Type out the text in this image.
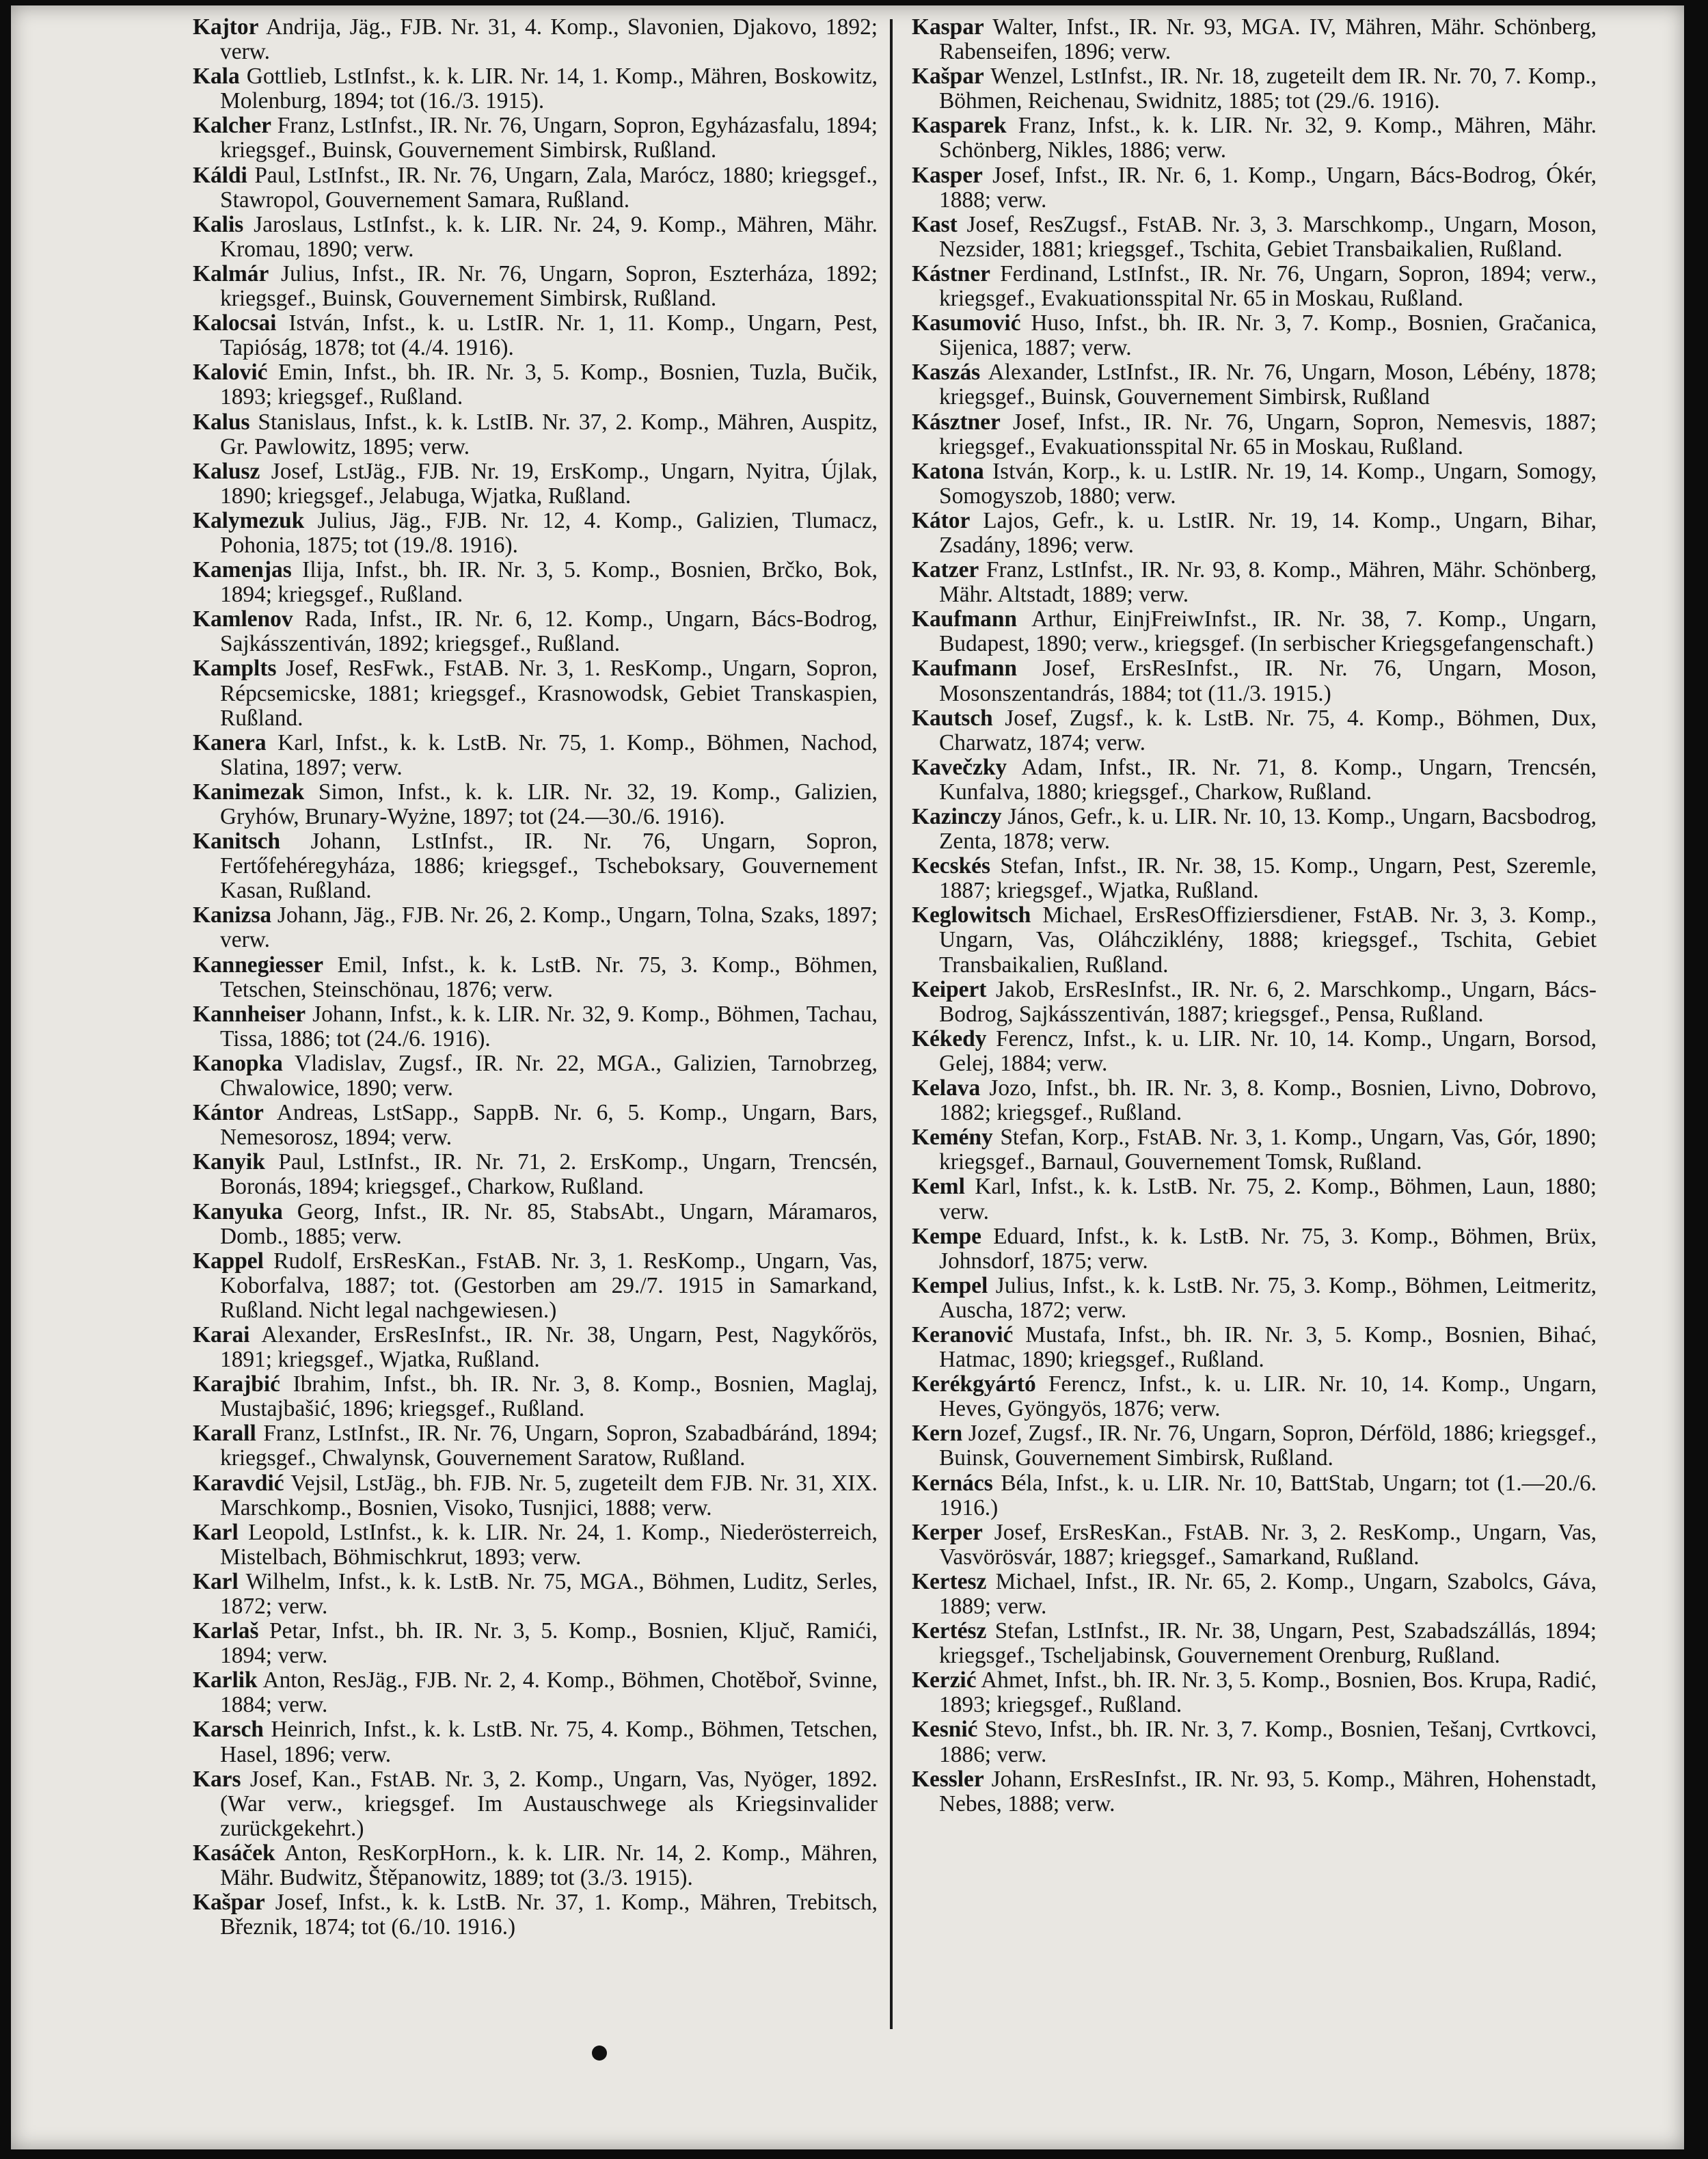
Kajtor Andrija, Jäg., FJB. Nr. 31, 4. Komp., Slavonien, Djakovo, 1892; verw.

Kala Gottlieb, LstInfst., k. k. LIR. Nr. 14, 1. Komp., Mähren, Boskowitz, Molenburg, 1894; tot (16./3. 1915).

Kalcher Franz, LstInfst., IR. Nr. 76, Ungarn, Sopron, Egyházasfalu, 1894; kriegsgef., Buinsk, Gouvernement Simbirsk, Rußland.

Káldi Paul, LstInfst., IR. Nr. 76, Ungarn, Zala, Marócz, 1880; kriegsgef., Stawropol, Gouvernement Samara, Rußland.

Kalis Jaroslaus, LstInfst., k. k. LIR. Nr. 24, 9. Komp., Mähren, Mähr. Kromau, 1890; verw.

Kalmár Julius, Infst., IR. Nr. 76, Ungarn, Sopron, Eszterháza, 1892; kriegsgef., Buinsk, Gouvernement Simbirsk, Rußland.

Kalocsai István, Infst., k. u. LstIR. Nr. 1, 11. Komp., Ungarn, Pest, Tapióság, 1878; tot (4./4. 1916).

Kalović Emin, Infst., bh. IR. Nr. 3, 5. Komp., Bosnien, Tuzla, Bučik, 1893; kriegsgef., Rußland.

Kalus Stanislaus, Infst., k. k. LstIB. Nr. 37, 2. Komp., Mähren, Auspitz, Gr. Pawlowitz, 1895; verw.

Kalusz Josef, LstJäg., FJB. Nr. 19, ErsKomp., Ungarn, Nyitra, Újlak, 1890; kriegsgef., Jelabuga, Wjatka, Rußland.

Kalymezuk Julius, Jäg., FJB. Nr. 12, 4. Komp., Galizien, Tlumacz, Pohonia, 1875; tot (19./8. 1916).

Kamenjas Ilija, Infst., bh. IR. Nr. 3, 5. Komp., Bosnien, Brčko, Bok, 1894; kriegsgef., Rußland.

Kamlenov Rada, Infst., IR. Nr. 6, 12. Komp., Ungarn, Bács-Bodrog, Sajkásszentiván, 1892; kriegsgef., Rußland.

Kamplts Josef, ResFwk., FstAB. Nr. 3, 1. ResKomp., Ungarn, Sopron, Répcsemicske, 1881; kriegsgef., Krasnowodsk, Gebiet Transkaspien, Rußland.

Kanera Karl, Infst., k. k. LstB. Nr. 75, 1. Komp., Böhmen, Nachod, Slatina, 1897; verw.

Kanimezak Simon, Infst., k. k. LIR. Nr. 32, 19. Komp., Galizien, Gryhów, Brunary-Wyżne, 1897; tot (24.—30./6. 1916).

Kanitsch Johann, LstInfst., IR. Nr. 76, Ungarn, Sopron, Fertőfehéregyháza, 1886; kriegsgef., Tscheboksary, Gouvernement Kasan, Rußland.

Kanizsa Johann, Jäg., FJB. Nr. 26, 2. Komp., Ungarn, Tolna, Szaks, 1897; verw.

Kannegiesser Emil, Infst., k. k. LstB. Nr. 75, 3. Komp., Böhmen, Tetschen, Steinschönau, 1876; verw.

Kannheiser Johann, Infst., k. k. LIR. Nr. 32, 9. Komp., Böhmen, Tachau, Tissa, 1886; tot (24./6. 1916).

Kanopka Vladislav, Zugsf., IR. Nr. 22, MGA., Galizien, Tarnobrzeg, Chwalowice, 1890; verw.

Kántor Andreas, LstSapp., SappB. Nr. 6, 5. Komp., Ungarn, Bars, Nemesorosz, 1894; verw.

Kanyik Paul, LstInfst., IR. Nr. 71, 2. ErsKomp., Ungarn, Trencsén, Boronás, 1894; kriegsgef., Charkow, Rußland.

Kanyuka Georg, Infst., IR. Nr. 85, StabsAbt., Ungarn, Máramaros, Domb., 1885; verw.

Kappel Rudolf, ErsResKan., FstAB. Nr. 3, 1. ResKomp., Ungarn, Vas, Koborfalva, 1887; tot. (Gestorben am 29./7. 1915 in Samarkand, Rußland. Nicht legal nachgewiesen.)

Karai Alexander, ErsResInfst., IR. Nr. 38, Ungarn, Pest, Nagykőrös, 1891; kriegsgef., Wjatka, Rußland.

Karajbić Ibrahim, Infst., bh. IR. Nr. 3, 8. Komp., Bosnien, Maglaj, Mustajbašić, 1896; kriegsgef., Rußland.

Karall Franz, LstInfst., IR. Nr. 76, Ungarn, Sopron, Szabadbáránd, 1894; kriegsgef., Chwalynsk, Gouvernement Saratow, Rußland.

Karavdić Vejsil, LstJäg., bh. FJB. Nr. 5, zugeteilt dem FJB. Nr. 31, XIX. Marschkomp., Bosnien, Visoko, Tusnjici, 1888; verw.

Karl Leopold, LstInfst., k. k. LIR. Nr. 24, 1. Komp., Niederösterreich, Mistelbach, Böhmischkrut, 1893; verw.

Karl Wilhelm, Infst., k. k. LstB. Nr. 75, MGA., Böhmen, Luditz, Serles, 1872; verw.

Karlaš Petar, Infst., bh. IR. Nr. 3, 5. Komp., Bosnien, Ključ, Ramići, 1894; verw.

Karlik Anton, ResJäg., FJB. Nr. 2, 4. Komp., Böhmen, Chotěboř, Svinne, 1884; verw.

Karsch Heinrich, Infst., k. k. LstB. Nr. 75, 4. Komp., Böhmen, Tetschen, Hasel, 1896; verw.

Kars Josef, Kan., FstAB. Nr. 3, 2. Komp., Ungarn, Vas, Nyöger, 1892. (War verw., kriegsgef. Im Austauschwege als Kriegsinvalider zurückgekehrt.)

Kasáček Anton, ResKorpHorn., k. k. LIR. Nr. 14, 2. Komp., Mähren, Mähr. Budwitz, Štěpanowitz, 1889; tot (3./3. 1915).

Kašpar Josef, Infst., k. k. LstB. Nr. 37, 1. Komp., Mähren, Trebitsch, Březnik, 1874; tot (6./10. 1916.)

Kaspar Walter, Infst., IR. Nr. 93, MGA. IV, Mähren, Mähr. Schönberg, Rabenseifen, 1896; verw.

Kašpar Wenzel, LstInfst., IR. Nr. 18, zugeteilt dem IR. Nr. 70, 7. Komp., Böhmen, Reichenau, Swidnitz, 1885; tot (29./6. 1916).

Kasparek Franz, Infst., k. k. LIR. Nr. 32, 9. Komp., Mähren, Mähr. Schönberg, Nikles, 1886; verw.

Kasper Josef, Infst., IR. Nr. 6, 1. Komp., Ungarn, Bács-Bodrog, Ókér, 1888; verw.

Kast Josef, ResZugsf., FstAB. Nr. 3, 3. Marschkomp., Ungarn, Moson, Nezsider, 1881; kriegsgef., Tschita, Gebiet Transbaikalien, Rußland.

Kástner Ferdinand, LstInfst., IR. Nr. 76, Ungarn, Sopron, 1894; verw., kriegsgef., Evakuationsspital Nr. 65 in Moskau, Rußland.

Kasumović Huso, Infst., bh. IR. Nr. 3, 7. Komp., Bosnien, Gračanica, Sijenica, 1887; verw.

Kaszás Alexander, LstInfst., IR. Nr. 76, Ungarn, Moson, Lébény, 1878; kriegsgef., Buinsk, Gouvernement Simbirsk, Rußland

Kásztner Josef, Infst., IR. Nr. 76, Ungarn, Sopron, Nemesvis, 1887; kriegsgef., Evakuationsspital Nr. 65 in Moskau, Rußland.

Katona István, Korp., k. u. LstIR. Nr. 19, 14. Komp., Ungarn, Somogy, Somogyszob, 1880; verw.

Kátor Lajos, Gefr., k. u. LstIR. Nr. 19, 14. Komp., Ungarn, Bihar, Zsadány, 1896; verw.

Katzer Franz, LstInfst., IR. Nr. 93, 8. Komp., Mähren, Mähr. Schönberg, Mähr. Altstadt, 1889; verw.

Kaufmann Arthur, EinjFreiwInfst., IR. Nr. 38, 7. Komp., Ungarn, Budapest, 1890; verw., kriegsgef. (In serbischer Kriegsgefangenschaft.)

Kaufmann Josef, ErsResInfst., IR. Nr. 76, Ungarn, Moson, Mosonszentandrás, 1884; tot (11./3. 1915.)

Kautsch Josef, Zugsf., k. k. LstB. Nr. 75, 4. Komp., Böhmen, Dux, Charwatz, 1874; verw.

Kavečzky Adam, Infst., IR. Nr. 71, 8. Komp., Ungarn, Trencsén, Kunfalva, 1880; kriegsgef., Charkow, Rußland.

Kazinczy János, Gefr., k. u. LIR. Nr. 10, 13. Komp., Ungarn, Bacsbodrog, Zenta, 1878; verw.

Kecskés Stefan, Infst., IR. Nr. 38, 15. Komp., Ungarn, Pest, Szeremle, 1887; kriegsgef., Wjatka, Rußland.

Keglowitsch Michael, ErsResOffiziersdiener, FstAB. Nr. 3, 3. Komp., Ungarn, Vas, Oláhcziklény, 1888; kriegsgef., Tschita, Gebiet Transbaikalien, Rußland.

Keipert Jakob, ErsResInfst., IR. Nr. 6, 2. Marschkomp., Ungarn, Bács-Bodrog, Sajkásszentiván, 1887; kriegsgef., Pensa, Rußland.

Kékedy Ferencz, Infst., k. u. LIR. Nr. 10, 14. Komp., Ungarn, Borsod, Gelej, 1884; verw.

Kelava Jozo, Infst., bh. IR. Nr. 3, 8. Komp., Bosnien, Livno, Dobrovo, 1882; kriegsgef., Rußland.

Kemény Stefan, Korp., FstAB. Nr. 3, 1. Komp., Ungarn, Vas, Gór, 1890; kriegsgef., Barnaul, Gouvernement Tomsk, Rußland.

Keml Karl, Infst., k. k. LstB. Nr. 75, 2. Komp., Böhmen, Laun, 1880; verw.

Kempe Eduard, Infst., k. k. LstB. Nr. 75, 3. Komp., Böhmen, Brüx, Johnsdorf, 1875; verw.

Kempel Julius, Infst., k. k. LstB. Nr. 75, 3. Komp., Böhmen, Leitmeritz, Auscha, 1872; verw.

Keranović Mustafa, Infst., bh. IR. Nr. 3, 5. Komp., Bosnien, Bihać, Hatmac, 1890; kriegsgef., Rußland.

Kerékgyártó Ferencz, Infst., k. u. LIR. Nr. 10, 14. Komp., Ungarn, Heves, Gyöngyös, 1876; verw.

Kern Jozef, Zugsf., IR. Nr. 76, Ungarn, Sopron, Dérföld, 1886; kriegsgef., Buinsk, Gouvernement Simbirsk, Rußland.

Kernács Béla, Infst., k. u. LIR. Nr. 10, BattStab, Ungarn; tot (1.—20./6. 1916.)

Kerper Josef, ErsResKan., FstAB. Nr. 3, 2. ResKomp., Ungarn, Vas, Vasvörösvár, 1887; kriegsgef., Samarkand, Rußland.

Kertesz Michael, Infst., IR. Nr. 65, 2. Komp., Ungarn, Szabolcs, Gáva, 1889; verw.

Kertész Stefan, LstInfst., IR. Nr. 38, Ungarn, Pest, Szabadszállás, 1894; kriegsgef., Tscheljabinsk, Gouvernement Orenburg, Rußland.

Kerzić Ahmet, Infst., bh. IR. Nr. 3, 5. Komp., Bosnien, Bos. Krupa, Radić, 1893; kriegsgef., Rußland.

Kesnić Stevo, Infst., bh. IR. Nr. 3, 7. Komp., Bosnien, Tešanj, Cvrtkovci, 1886; verw.

Kessler Johann, ErsResInfst., IR. Nr. 93, 5. Komp., Mähren, Hohenstadt, Nebes, 1888; verw.
